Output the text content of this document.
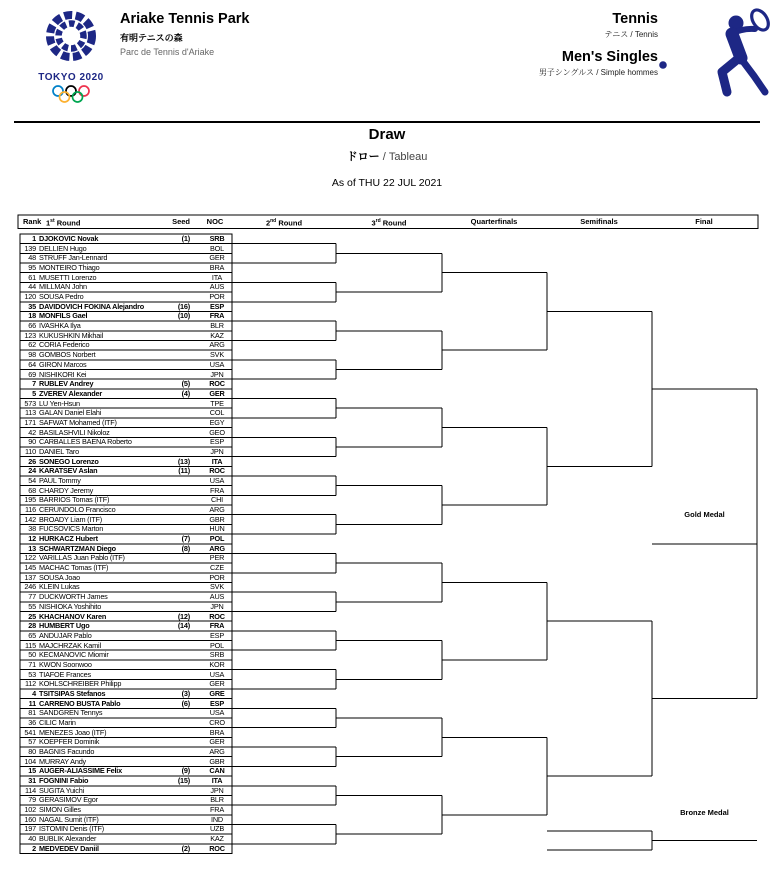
TOKYO 2020
Ariake Tennis Park
有明テニスの森
Parc de Tennis d'Ariake
Tennis
テニス / Tennis
Men's Singles
男子シングルス / Simple hommes
Draw
ドロー / Tableau
As of THU 22 JUL 2021
Rank 1st Round	Seed	NOC	2nd Round	3rd Round	Quarterfinals	Semifinals	Final
1 DJOKOVIC Novak	(1)	SRB
139 DELLIEN Hugo	BOL
48 STRUFF Jan-Lennard	GER
95 MONTEIRO Thiago	BRA
61 MUSETTI Lorenzo	ITA
44 MILLMAN John	AUS
120 SOUSA Pedro	POR
35 DAVIDOVICH FOKINA Alejandro	(16)	ESP
18 MONFILS Gael	(10)	FRA
66 IVASHKA Ilya	BLR
123 KUKUSHKIN Mikhail	KAZ
62 CORIA Federico	ARG
98 GOMBOS Norbert	SVK
64 GIRON Marcos	USA
69 NISHIKORI Kei	JPN
7 RUBLEV Andrey	(5)	ROC
5 ZVEREV Alexander	(4)	GER
573 LU Yen-Hsun	TPE
113 GALAN Daniel Elahi	COL
171 SAFWAT Mohamed (ITF)	EGY
42 BASILASHVILI Nikoloz	GEO
90 CARBALLES BAENA Roberto	ESP
110 DANIEL Taro	JPN
26 SONEGO Lorenzo	(13)	ITA
24 KARATSEV Aslan	(11)	ROC
54 PAUL Tommy	USA
68 CHARDY Jeremy	FRA
195 BARRIOS Tomas (ITF)	CHI
116 CERUNDOLO Francisco	ARG
142 BROADY Liam (ITF)	GBR
38 FUCSOVICS Marton	HUN
12 HURKACZ Hubert	(7)	POL
13 SCHWARTZMAN Diego	(8)	ARG
122 VARILLAS Juan Pablo (ITF)	PER
145 MACHAC Tomas (ITF)	CZE
137 SOUSA Joao	POR
246 KLEIN Lukas	SVK
77 DUCKWORTH James	AUS
55 NISHIOKA Yoshihito	JPN
25 KHACHANOV Karen	(12)	ROC
28 HUMBERT Ugo	(14)	FRA
65 ANDUJAR Pablo	ESP
115 MAJCHRZAK Kamil	POL
50 KECMANOVIC Miomir	SRB
71 KWON Soonwoo	KOR
53 TIAFOE Frances	USA
112 KOHLSCHREIBER Philipp	GER
4 TSITSIPAS Stefanos	(3)	GRE
11 CARRENO BUSTA Pablo	(6)	ESP
81 SANDGREN Tennys	USA
36 CILIC Marin	CRO
541 MENEZES Joao (ITF)	BRA
57 KOEPFER Dominik	GER
80 BAGNIS Facundo	ARG
104 MURRAY Andy	GBR
15 AUGER-ALIASSIME Felix	(9)	CAN
31 FOGNINI Fabio	(15)	ITA
114 SUGITA Yuichi	JPN
79 GERASIMOV Egor	BLR
102 SIMON Gilles	FRA
160 NAGAL Sumit (ITF)	IND
197 ISTOMIN Denis (ITF)	UZB
40 BUBLIK Alexander	KAZ
2 MEDVEDEV Daniil	(2)	ROC
Gold Medal
Bronze Medal
